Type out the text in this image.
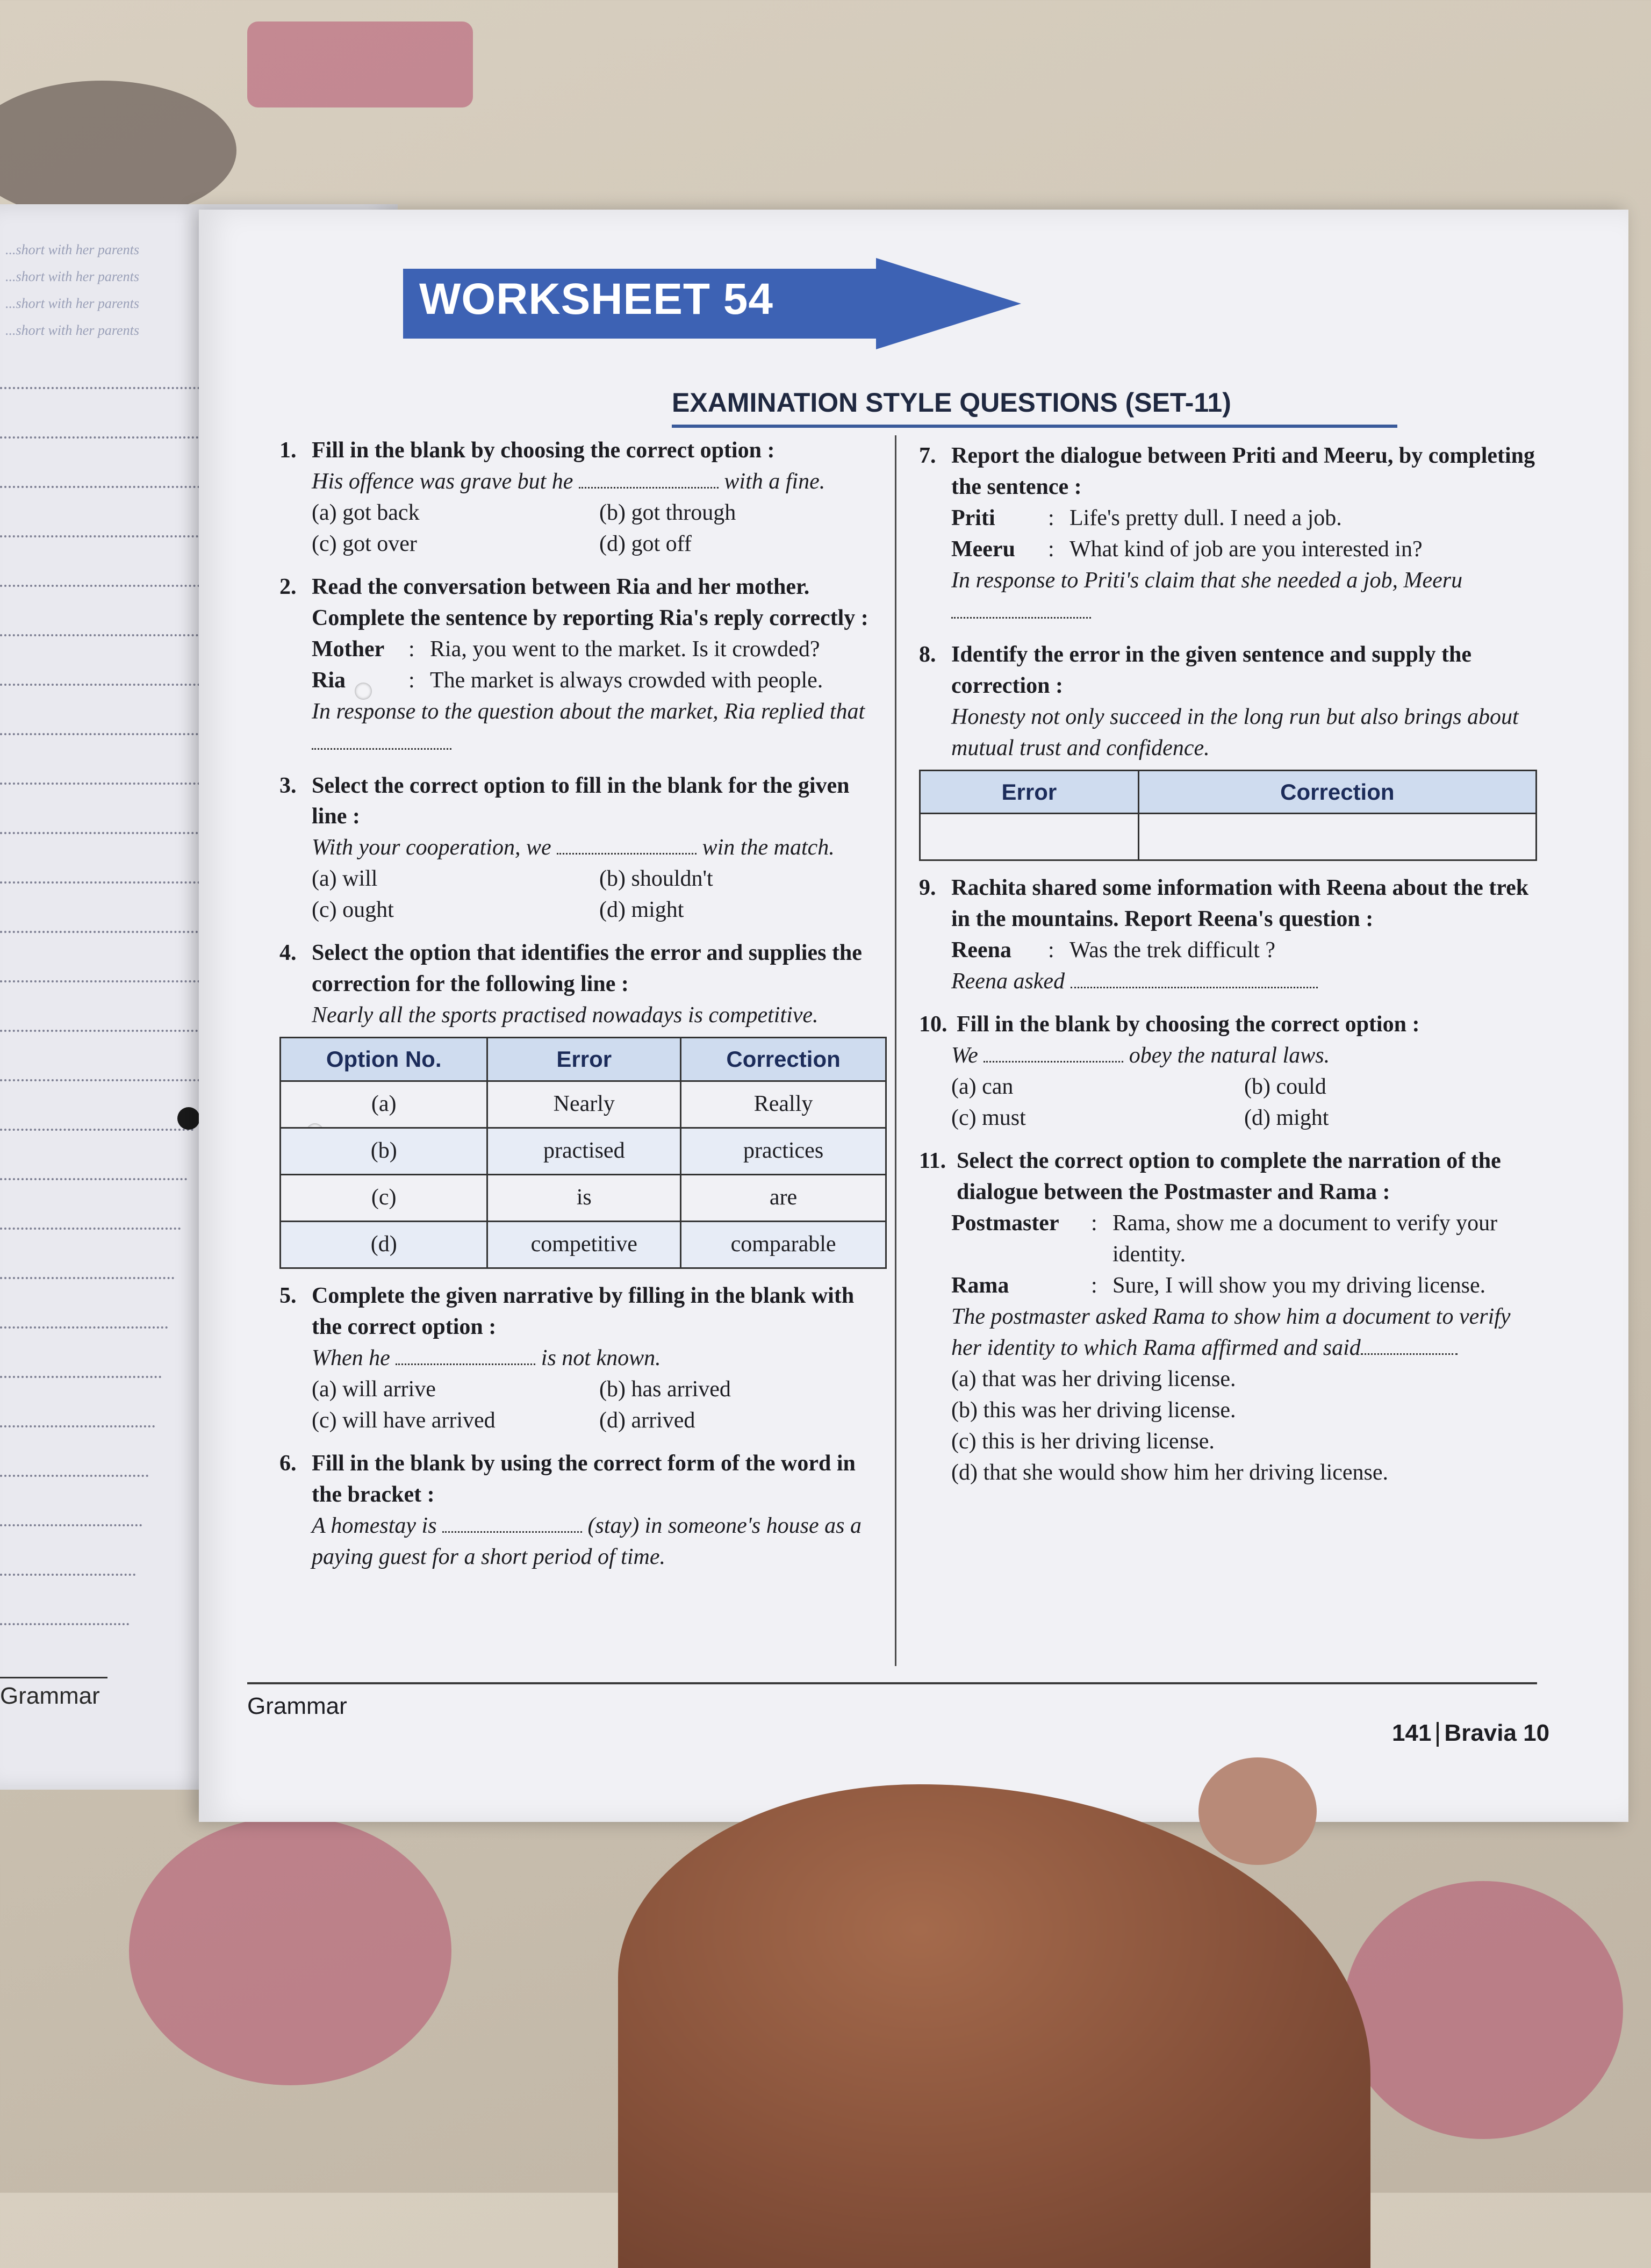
...short with her parents
...short with her parents
...short with her parents
...short with her parents
Grammar
WORKSHEET 54
EXAMINATION STYLE QUESTIONS (SET-11)
1. Fill in the blank by choosing the correct option :
His offence was grave but he	with a fine.
(a) got back	(b) got through
(c) got over	(d) got off
2. Read the conversation between Ria and her mother. Complete the sentence by reporting Ria's reply correctly :
Mother	: Ria, you went to the market. Is it crowded?
Ria	: The market is always crowded with people.
In response to the question about the market, Ria replied that
3. Select the correct option to fill in the blank for the given line :
With your cooperation, we	win the match.
(a) will	(b) shouldn't
(c) ought	(d) might
4. Select the option that identifies the error and supplies the correction for the following line :
Nearly all the sports practised nowadays is competitive.
Option No.	Error	Correction
(a)	Nearly	Really
(b)	practised	practices
(c)	is	are
(d)	competitive	comparable
5. Complete the given narrative by filling in the blank with the correct option :
When he	is not known.
(a) will arrive	(b) has arrived
(c) will have arrived	(d) arrived
6. Fill in the blank by using the correct form of the word in the bracket :
A homestay is	(stay) in someone's house as a paying guest for a short period of time.
7. Report the dialogue between Priti and Meeru, by completing the sentence :
Priti	: Life's pretty dull. I need a job.
Meeru	: What kind of job are you interested in?
In response to Priti's claim that she needed a job, Meeru
8. Identify the error in the given sentence and supply the correction :
Honesty not only succeed in the long run but also brings about mutual trust and confidence.
Error	Correction

9. Rachita shared some information with Reena about the trek in the mountains. Report Reena's question :
Reena	: Was the trek difficult ?
Reena asked
10. Fill in the blank by choosing the correct option :
We	obey the natural laws.
(a) can	(b) could
(c) must	(d) might
11. Select the correct option to complete the narration of the dialogue between the Postmaster and Rama :
Postmaster	: Rama, show me a document to verify your identity.
Rama	: Sure, I will show you my driving license.
The postmaster asked Rama to show him a document to verify her identity to which Rama affirmed and said
(a) that was her driving license.
(b) this was her driving license.
(c) this is her driving license.
(d) that she would show him her driving license.
Grammar
141 Bravia 10
